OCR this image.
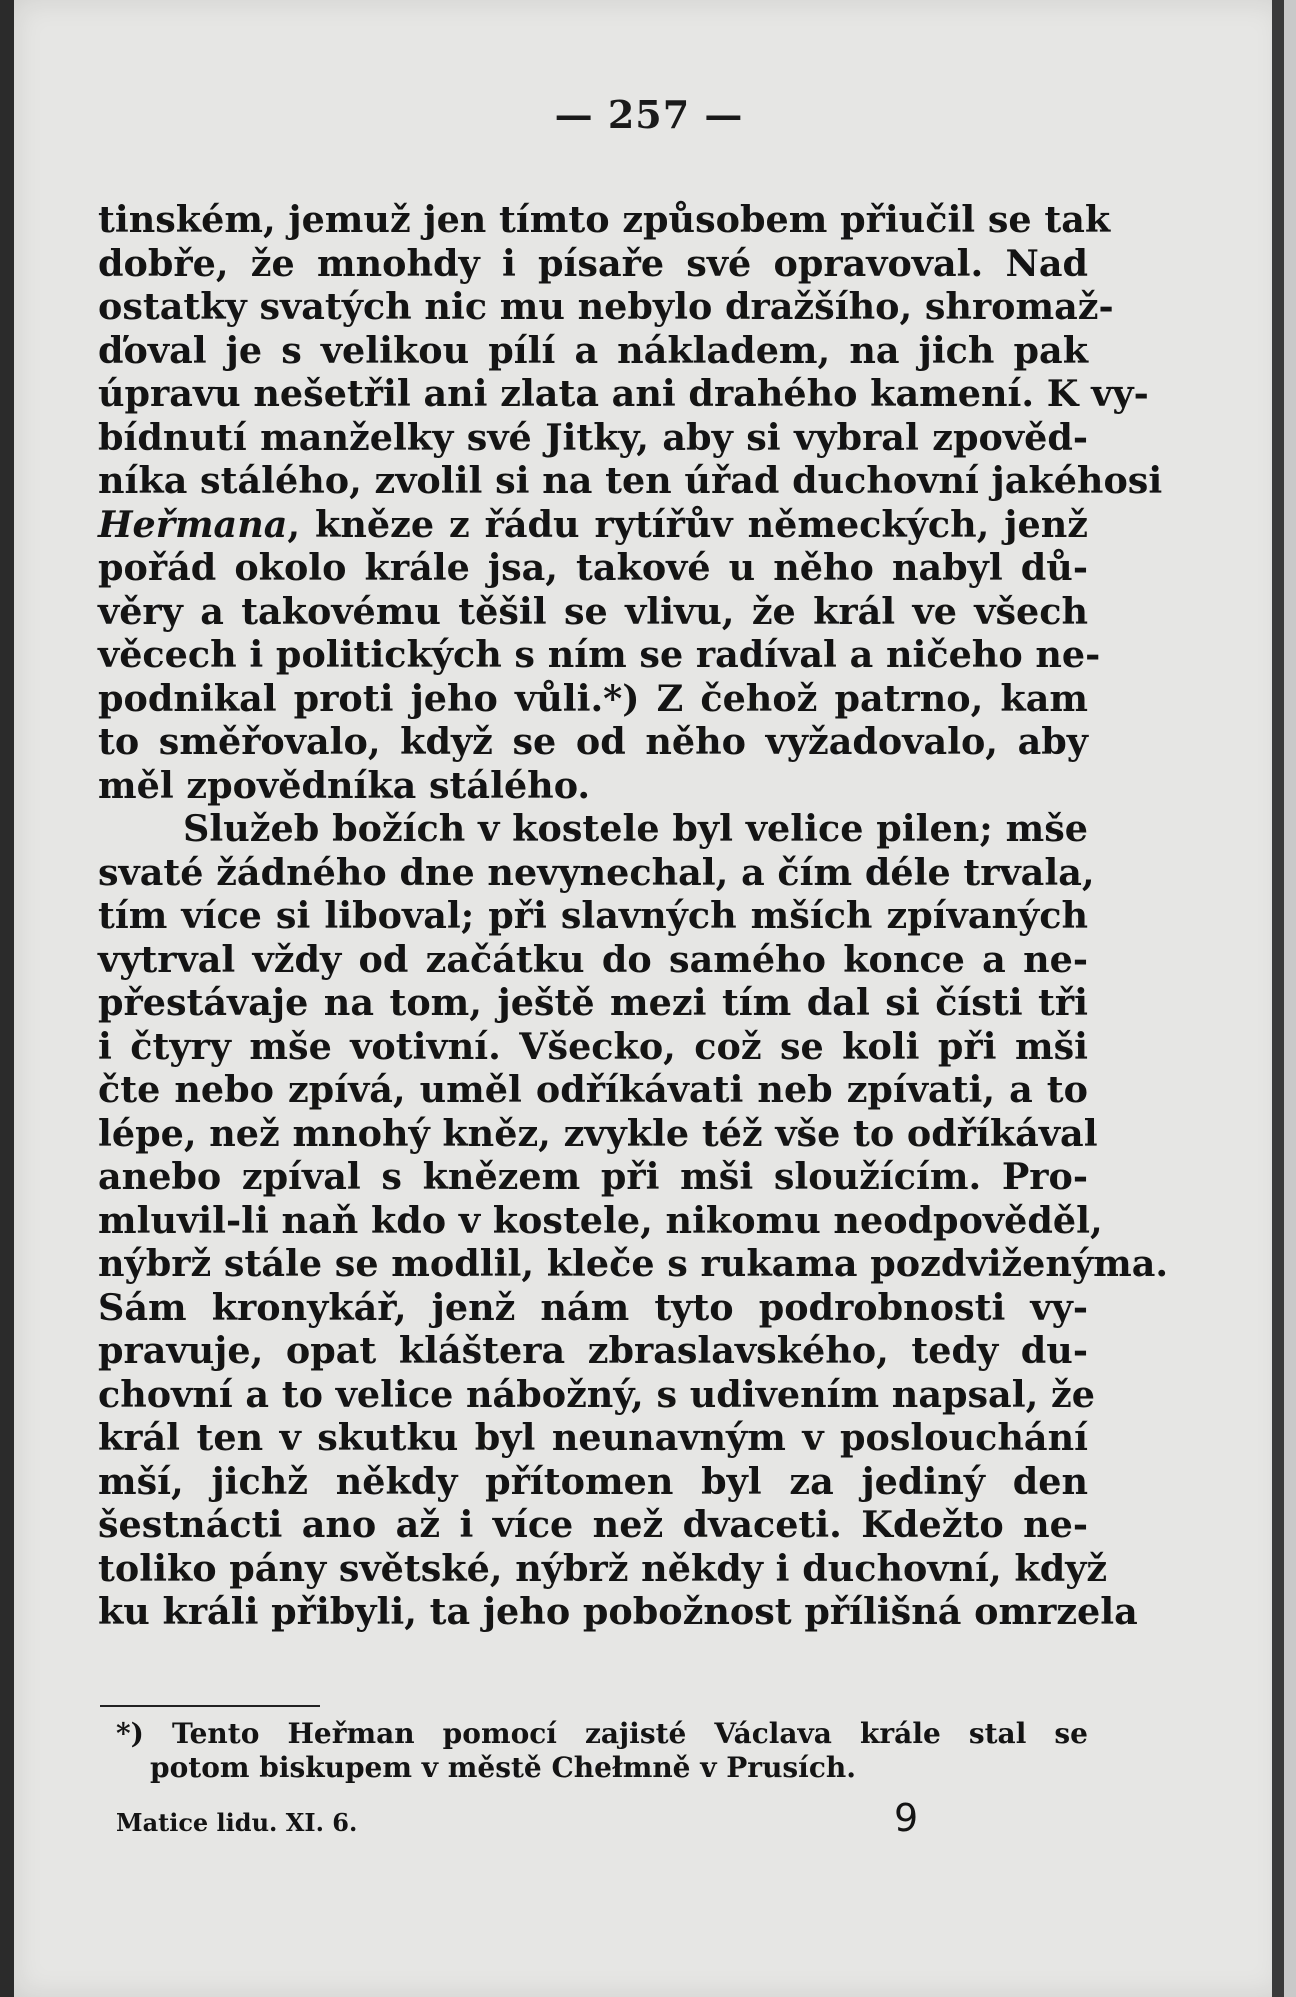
— 257 —
tinském, jemuž jen tímto způsobem přiučil se tak
dobře, že mnohdy i písaře své opravoval. Nad
ostatky svatých nic mu nebylo dražšího, shromaž-
ďoval je s velikou pílí a nákladem, na jich pak
úpravu nešetřil ani zlata ani drahého kamení. K vy-
bídnutí manželky své Jitky, aby si vybral zpověd-
níka stálého, zvolil si na ten úřad duchovní jakéhosi
Heřmana, kněze z řádu rytířův německých, jenž
pořád okolo krále jsa, takové u něho nabyl dů-
věry a takovému těšil se vlivu, že král ve všech
věcech i politických s ním se radíval a ničeho ne-
podnikal proti jeho vůli.*) Z čehož patrno, kam
to směřovalo, když se od něho vyžadovalo, aby
měl zpovědníka stálého.
Služeb božích v kostele byl velice pilen; mše
svaté žádného dne nevynechal, a čím déle trvala,
tím více si liboval; při slavných mších zpívaných
vytrval vždy od začátku do samého konce a ne-
přestávaje na tom, ještě mezi tím dal si čísti tři
i čtyry mše votivní. Všecko, což se koli při mši
čte nebo zpívá, uměl odříkávati neb zpívati, a to
lépe, než mnohý kněz, zvykle též vše to odříkával
anebo zpíval s knězem při mši sloužícím. Pro-
mluvil-li naň kdo v kostele, nikomu neodpověděl,
nýbrž stále se modlil, kleče s rukama pozdviženýma.
Sám kronykář, jenž nám tyto podrobnosti vy-
pravuje, opat kláštera zbraslavského, tedy du-
chovní a to velice nábožný, s udivením napsal, že
král ten v skutku byl neunavným v poslouchání
mší, jichž někdy přítomen byl za jediný den
šestnácti ano až i více než dvaceti. Kdežto ne-
toliko pány světské, nýbrž někdy i duchovní, když
ku králi přibyli, ta jeho pobožnost přílišná omrzela
*) Tento Heřman pomocí zajisté Václava krále stal se
potom biskupem v městě Chełmně v Prusích.
Matice lidu. XI. 6.	9
